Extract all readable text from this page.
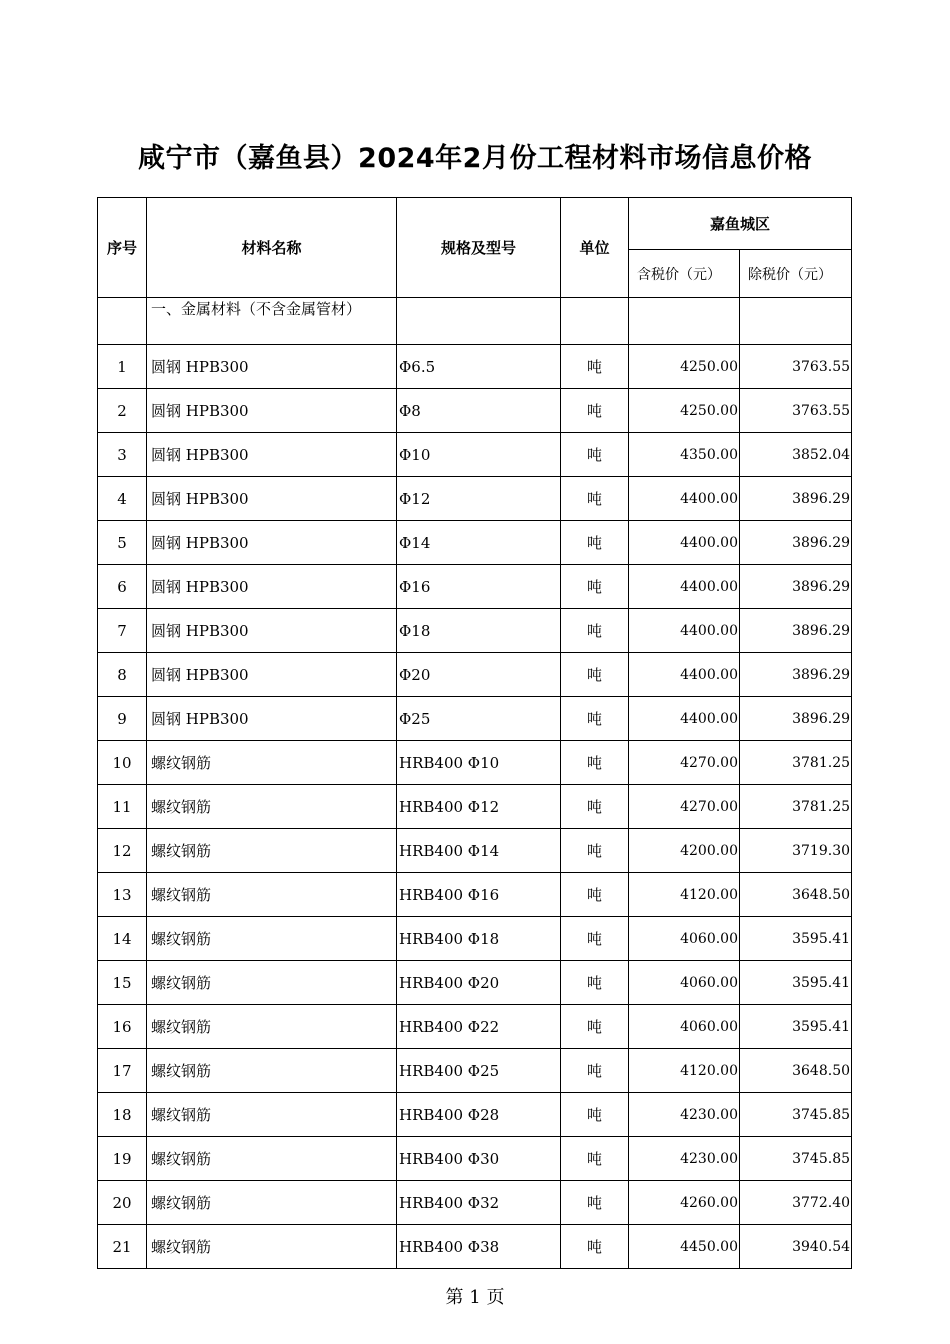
咸宁市（嘉鱼县）2024年2月份工程材料市场信息价格
序号	材料名称	规格及型号	单位	嘉鱼城区	
				含税价（元）	除税价（元）
	一、金属材料（不含金属管材）				
1	圆钢 HPB300	Φ6.5	吨	4250.00	3763.55
2	圆钢 HPB300	Φ8	吨	4250.00	3763.55
3	圆钢 HPB300	Φ10	吨	4350.00	3852.04
4	圆钢 HPB300	Φ12	吨	4400.00	3896.29
5	圆钢 HPB300	Φ14	吨	4400.00	3896.29
6	圆钢 HPB300	Φ16	吨	4400.00	3896.29
7	圆钢 HPB300	Φ18	吨	4400.00	3896.29
8	圆钢 HPB300	Φ20	吨	4400.00	3896.29
9	圆钢 HPB300	Φ25	吨	4400.00	3896.29
10	螺纹钢筋	HRB400 Φ10	吨	4270.00	3781.25
11	螺纹钢筋	HRB400 Φ12	吨	4270.00	3781.25
12	螺纹钢筋	HRB400 Φ14	吨	4200.00	3719.30
13	螺纹钢筋	HRB400 Φ16	吨	4120.00	3648.50
14	螺纹钢筋	HRB400 Φ18	吨	4060.00	3595.41
15	螺纹钢筋	HRB400 Φ20	吨	4060.00	3595.41
16	螺纹钢筋	HRB400 Φ22	吨	4060.00	3595.41
17	螺纹钢筋	HRB400 Φ25	吨	4120.00	3648.50
18	螺纹钢筋	HRB400 Φ28	吨	4230.00	3745.85
19	螺纹钢筋	HRB400 Φ30	吨	4230.00	3745.85
20	螺纹钢筋	HRB400 Φ32	吨	4260.00	3772.40
21	螺纹钢筋	HRB400 Φ38	吨	4450.00	3940.54
第 1 页
